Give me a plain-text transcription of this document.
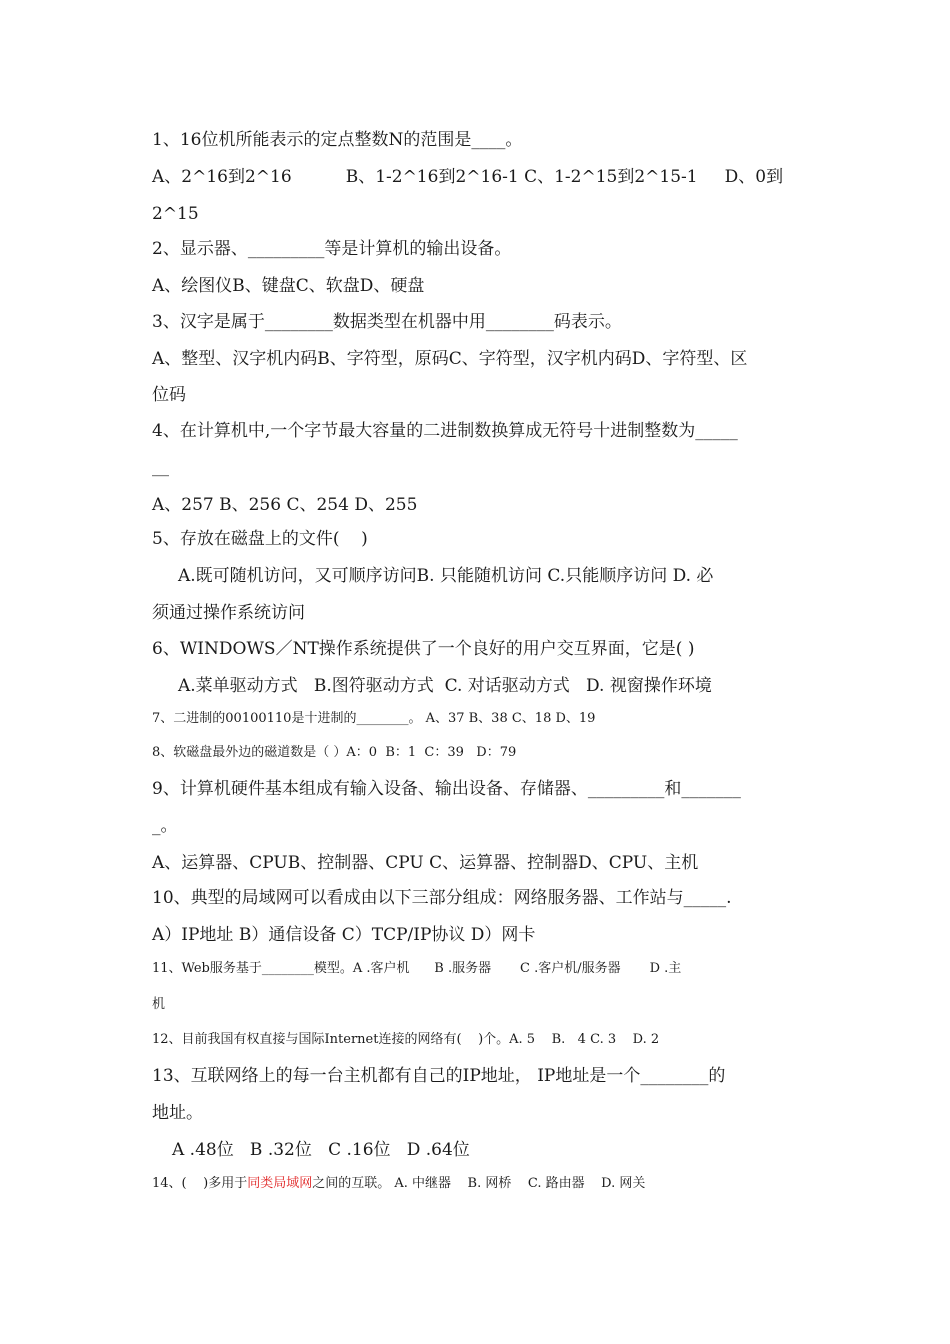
1、16位机所能表示的定点整数N的范围是____。
A、2^16到2^16          B、1-2^16到2^16-1 C、1-2^15到2^15-1     D、0到
2^15
2、显示器、_________等是计算机的输出设备。
A、绘图仪B、键盘C、软盘D、硬盘
3、汉字是属于________数据类型在机器中用________码表示。
A、整型、汉字机内码B、字符型，原码C、字符型，汉字机内码D、字符型、区
位码
4、在计算机中,一个字节最大容量的二进制数换算成无符号十进制整数为_____
__
A、257 B、256 C、254 D、255
5、存放在磁盘上的文件(    )
A.既可随机访问，又可顺序访问B. 只能随机访问 C.只能顺序访问 D. 必
须通过操作系统访问
6、WINDOWS／NT操作系统提供了一个良好的用户交互界面，它是( )
A.菜单驱动方式   B.图符驱动方式  C. 对话驱动方式   D. 视窗操作环境
7、二进制的00100110是十进制的________。 A、37 B、38 C、18 D、19
8、软磁盘最外边的磁道数是（ ）A：0  B：1  C：39   D：79
9、计算机硬件基本组成有输入设备、输出设备、存储器、_________和_______
_。
A、运算器、CPUB、控制器、CPU C、运算器、控制器D、CPU、主机
10、典型的局域网可以看成由以下三部分组成：网络服务器、工作站与_____.
A）IP地址 B）通信设备 C）TCP/IP协议 D）网卡
11、Web服务基于________模型。A .客户机      B .服务器       C .客户机/服务器       D .主
机
12、目前我国有权直接与国际Internet连接的网络有(    )个。A. 5    B.   4 C. 3    D. 2
13、互联网络上的每一台主机都有自己的IP地址， IP地址是一个________的
地址。
A .48位   B .32位   C .16位   D .64位
14、(    )多用于同类局域网之间的互联。 A. 中继器    B. 网桥    C. 路由器    D. 网关
